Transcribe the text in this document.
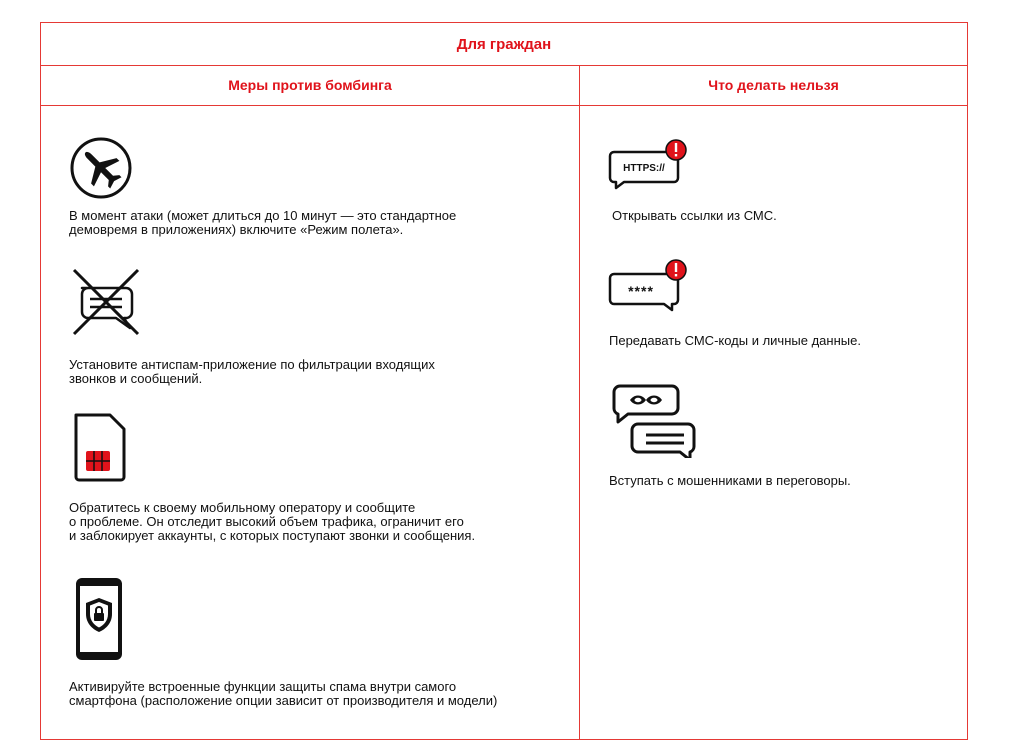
Для граждан
Меры против бомбинга	Что делать нельзя
В момент атаки (может длиться до 10 минут — это стандартное
демовремя в приложениях) включите «Режим полета».
Установите антиспам-приложение по фильтрации входящих
звонков и сообщений.
Обратитесь к своему мобильному оператору и сообщите
о проблеме. Он отследит высокий объем трафика, ограничит его
и заблокирует аккаунты, с которых поступают звонки и сообщения.
Активируйте встроенные функции защиты спама внутри самого
смартфона (расположение опции зависит от производителя и модели)
HTTPS://
Открывать ссылки из СМС.
****
Передавать СМС-коды и личные данные.
Вступать с мошенниками в переговоры.
